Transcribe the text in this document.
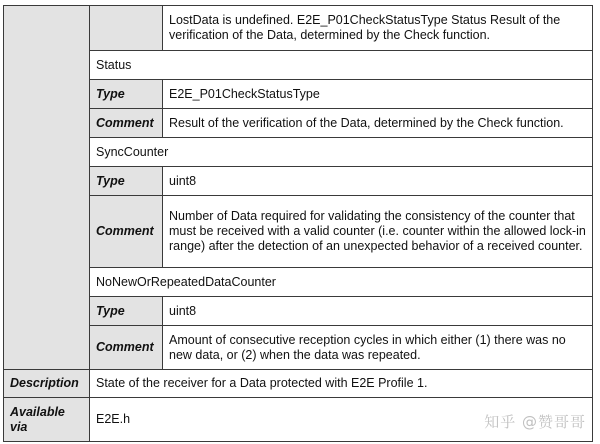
		LostData is undefined. E2E_P01CheckStatusType Status Result of the verification of the Data, determined by the Check function.
	Status	
	Type	E2E_P01CheckStatusType
	Comment	Result of the verification of the Data, determined by the Check function.
	SyncCounter	
	Type	uint8
	Comment	Number of Data required for validating the consistency of the counter that must be received with a valid counter (i.e. counter within the allowed lock-in range) after the detection of an unexpected behavior of a received counter.
	NoNewOrRepeatedDataCounter	
	Type	uint8
	Comment	Amount of consecutive reception cycles in which either (1) there was no new data, or (2) when the data was repeated.
Description	State of the receiver for a Data protected with E2E Profile 1.	
Available via	E2E.h		知乎 @赞哥哥
